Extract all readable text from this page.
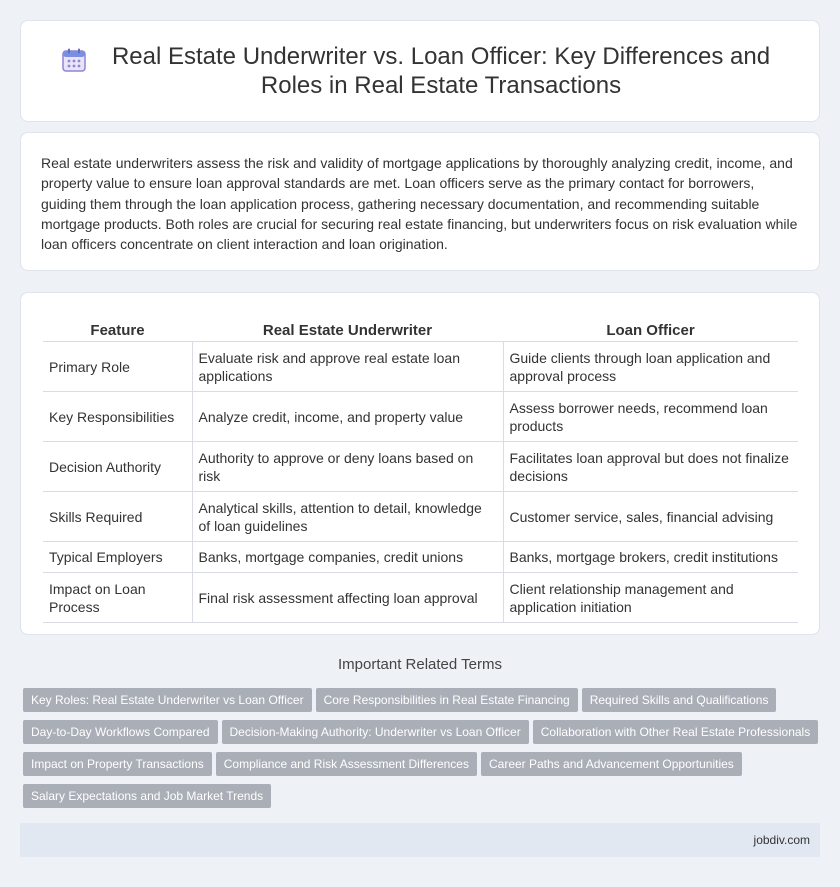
Real Estate Underwriter vs. Loan Officer: Key Differences and Roles in Real Estate Transactions

Real estate underwriters assess the risk and validity of mortgage applications by thoroughly analyzing credit, income, and property value to ensure loan approval standards are met. Loan officers serve as the primary contact for borrowers, guiding them through the loan application process, gathering necessary documentation, and recommending suitable mortgage products. Both roles are crucial for securing real estate financing, but underwriters focus on risk evaluation while loan officers concentrate on client interaction and loan origination.

Feature	Real Estate Underwriter	Loan Officer
Primary Role	Evaluate risk and approve real estate loan applications	Guide clients through loan application and approval process
Key Responsibilities	Analyze credit, income, and property value	Assess borrower needs, recommend loan products
Decision Authority	Authority to approve or deny loans based on risk	Facilitates loan approval but does not finalize decisions
Skills Required	Analytical skills, attention to detail, knowledge of loan guidelines	Customer service, sales, financial advising
Typical Employers	Banks, mortgage companies, credit unions	Banks, mortgage brokers, credit institutions
Impact on Loan Process	Final risk assessment affecting loan approval	Client relationship management and application initiation
Important Related Terms
Key Roles: Real Estate Underwriter vs Loan Officer Core Responsibilities in Real Estate Financing Required Skills and Qualifications
Day-to-Day Workflows Compared Decision-Making Authority: Underwriter vs Loan Officer Collaboration with Other Real Estate Professionals
Impact on Property Transactions Compliance and Risk Assessment Differences Career Paths and Advancement Opportunities
Salary Expectations and Job Market Trends
jobdiv.com
